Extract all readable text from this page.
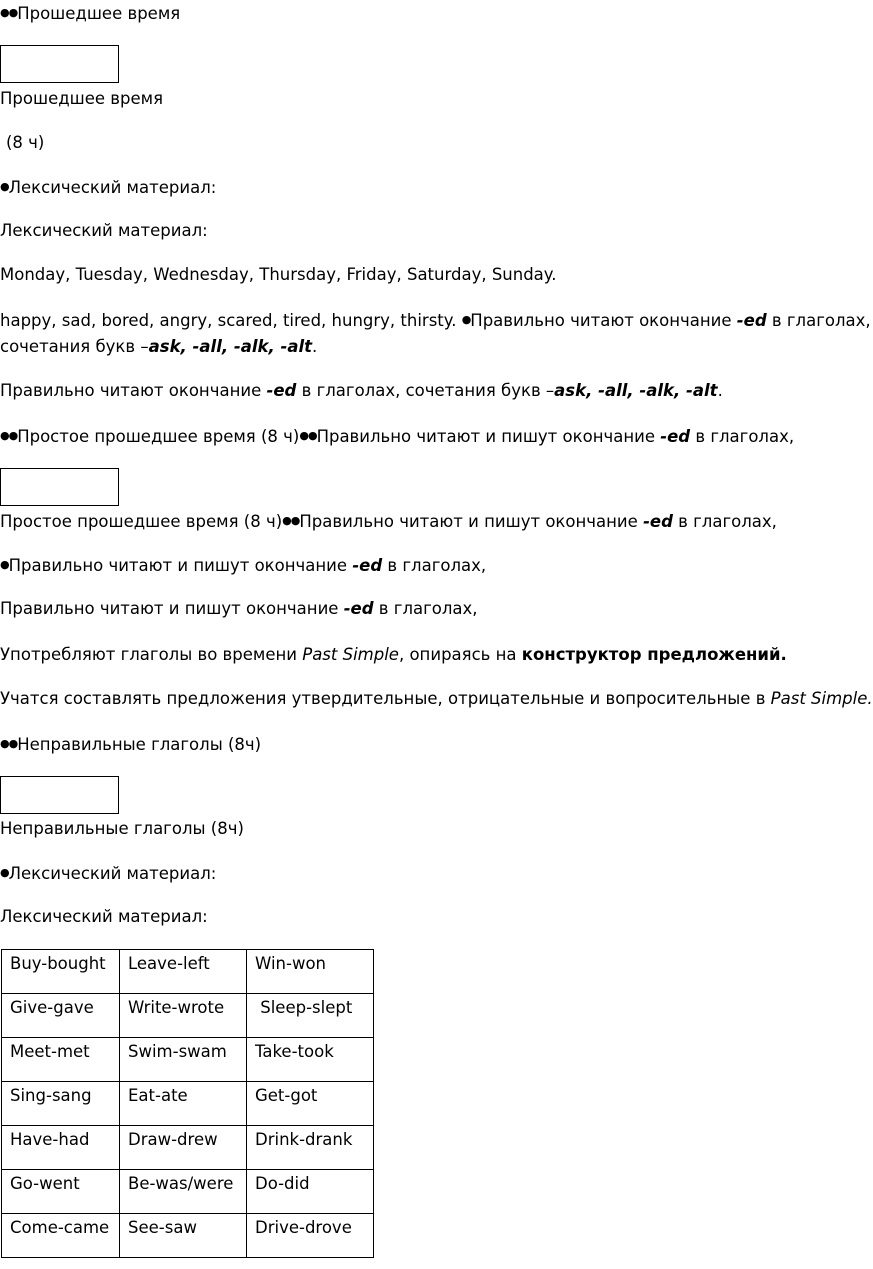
●●Прошедшее время
Прошедшее время
(8 ч)
●Лексический материал:
Лексический материал:
Monday, Tuesday, Wednesday, Thursday, Friday, Saturday, Sunday.
happy, sad, bored, angry, scared, tired, hungry, thirsty. ●Правильно читают окончание -ed в глаголах,
сочетания букв –ask, -all, -alk, -alt.
Правильно читают окончание -ed в глаголах, сочетания букв –ask, -all, -alk, -alt.
●●Простое прошедшее время (8 ч)●●Правильно читают и пишут окончание -ed в глаголах,
Простое прошедшее время (8 ч)●●Правильно читают и пишут окончание -ed в глаголах,
●Правильно читают и пишут окончание -ed в глаголах,
Правильно читают и пишут окончание -ed в глаголах,
Употребляют глаголы во времени Past Simple, опираясь на конструктор предложений.
Учатся составлять предложения утвердительные, отрицательные и вопросительные в Past Simple.
●●Неправильные глаголы (8ч)
Неправильные глаголы (8ч)
●Лексический материал:
Лексический материал:
Buy-bought	Leave-left	Win-won
Give-gave	Write-wrote	Sleep-slept
Meet-met	Swim-swam	Take-took
Sing-sang	Eat-ate	Get-got
Have-had	Draw-drew	Drink-drank
Go-went	Be-was/were	Do-did
Come-came	See-saw	Drive-drove
